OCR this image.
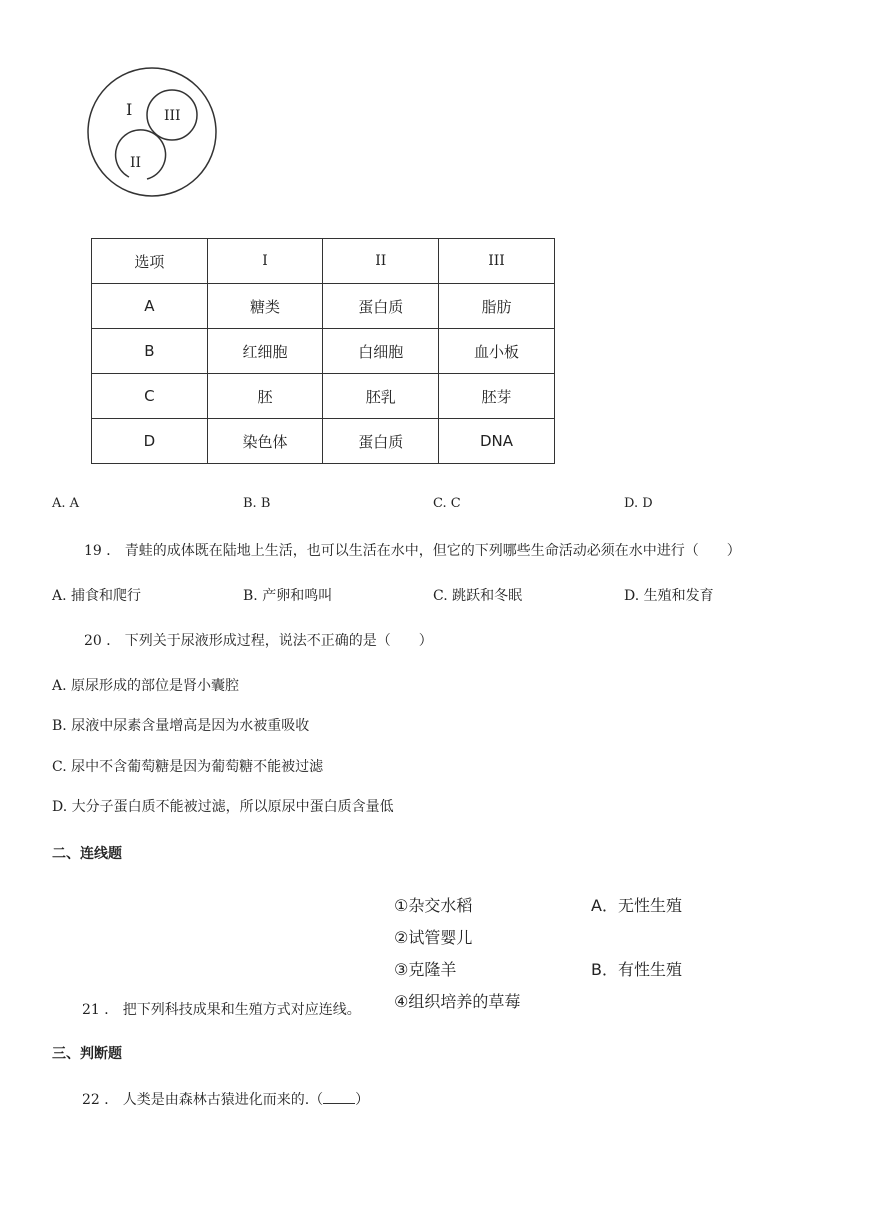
I III
II
选项	I	II	III
A	糖类	蛋白质	脂肪
B	红细胞	白细胞	血小板
C	胚	胚乳	胚芽
D	染色体	蛋白质	DNA
A. A	B. B	C. C	D. D
19 ． 青蛙的成体既在陆地上生活，也可以生活在水中，但它的下列哪些生命活动必须在水中进行（　　）
A. 捕食和爬行	B. 产卵和鸣叫	C. 跳跃和冬眠	D. 生殖和发育
20 ． 下列关于尿液形成过程，说法不正确的是（　　）
A. 原尿形成的部位是肾小囊腔
B. 尿液中尿素含量增高是因为水被重吸收
C. 尿中不含葡萄糖是因为葡萄糖不能被过滤
D. 大分子蛋白质不能被过滤，所以原尿中蛋白质含量低
二、连线题
①杂交水稻
②试管婴儿
③克隆羊
④组织培养的草莓
A．无性生殖
B．有性生殖
21 ． 把下列科技成果和生殖方式对应连线。
三、判断题
22 ． 人类是由森林古猿进化而来的.（ ）
